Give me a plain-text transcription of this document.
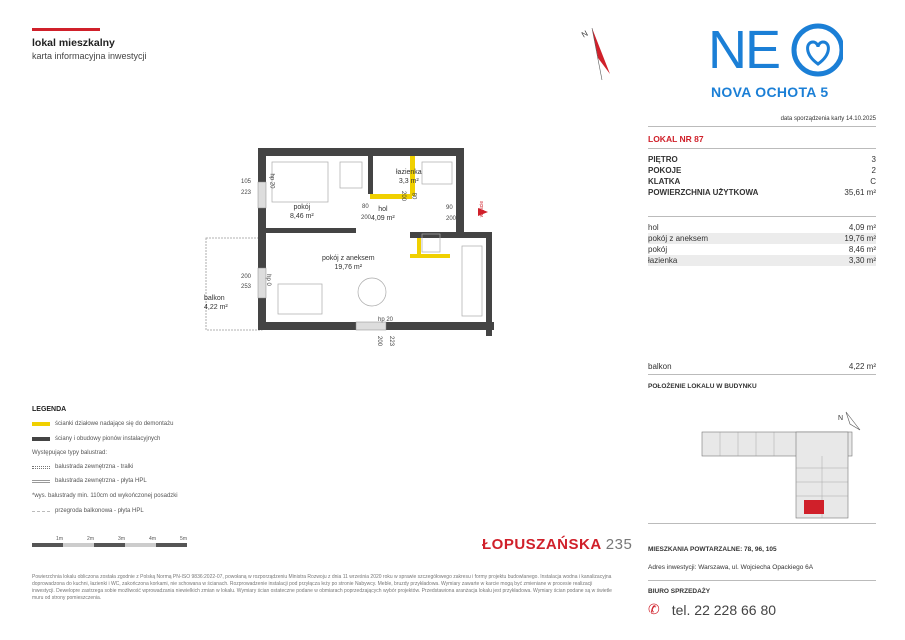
lokal mieszkalny
karta informacyjna inwestycji
N NE
NOVA OCHOTA 5
data sporządzenia karty 14.10.2025
LOKAL NR 87
PIĘTRO	3
POKOJE	2
KLATKA	C
POWIERZCHNIA UŻYTKOWA	35,61 m²
hol	4,09 m²
pokój z aneksem	19,76 m²
pokój	8,46 m²
łazienka	3,30 m²
balkon	4,22 m²
POŁOŻENIE LOKALU W BUDYNKU
N
MIESZKANIA POWTARZALNE: 78, 96, 105
Adres inwestycji: Warszawa, ul. Wojciecha Opackiego 6A
BIURO SPRZEDAŻY
✆ tel. 22 228 66 80
pokój
8,46 m²
łazienka
3,3 m²
hol
4,09 m²
pokój z aneksem
19,76 m²
balkon
4,22 m²
105
223
hp 20
80
200
200 80
90
200
200
253
hp 0
hp 20
200 223
wejście
LEGENDA
ścianki działowe nadające się do demontażu
ściany i obudowy pionów instalacyjnych
Występujące typy balustrad:
balustrada zewnętrzna - tralki
balustrada zewnętrzna - płyta HPL
*wys. balustrady min. 110cm od wykończonej posadzki
przegroda balkonowa - płyta HPL
1m	2m	3m	4m	5m	ŁOPUSZAŃSKA 235
Powierzchnia lokalu obliczona została zgodnie z Polską Normą PN-ISO 9836:2022-07, powołaną w rozporządzeniu Ministra Rozwoju z dnia 11 września 2020 roku w sprawie szczegółowego zakresu i formy projektu budowlanego. Instalacja wodna i kanalizacyjna doprowadzona do kuchni, łazienki i WC, zakończona korkami, nie schowana w ścianach. Rozprowadzenie instalacji pod przyłącza leży po stronie Nabywcy. Meble, bruzdy przykładowa. Wymiary zawarte w karcie mogą być zmieniane w procesie realizacji inwestycji. Dewelopre zastrzega sobie możliwość wprowadzania niewielkich zmian w lokalu. Wymiary ścian ostateczne podane w obmiarach poprzedzających wybór projektów. Przedstawiona aranżacja lokalu jest przykładowa. Wymiary ścian podane są w świetle muru od strony pomieszczenia.
